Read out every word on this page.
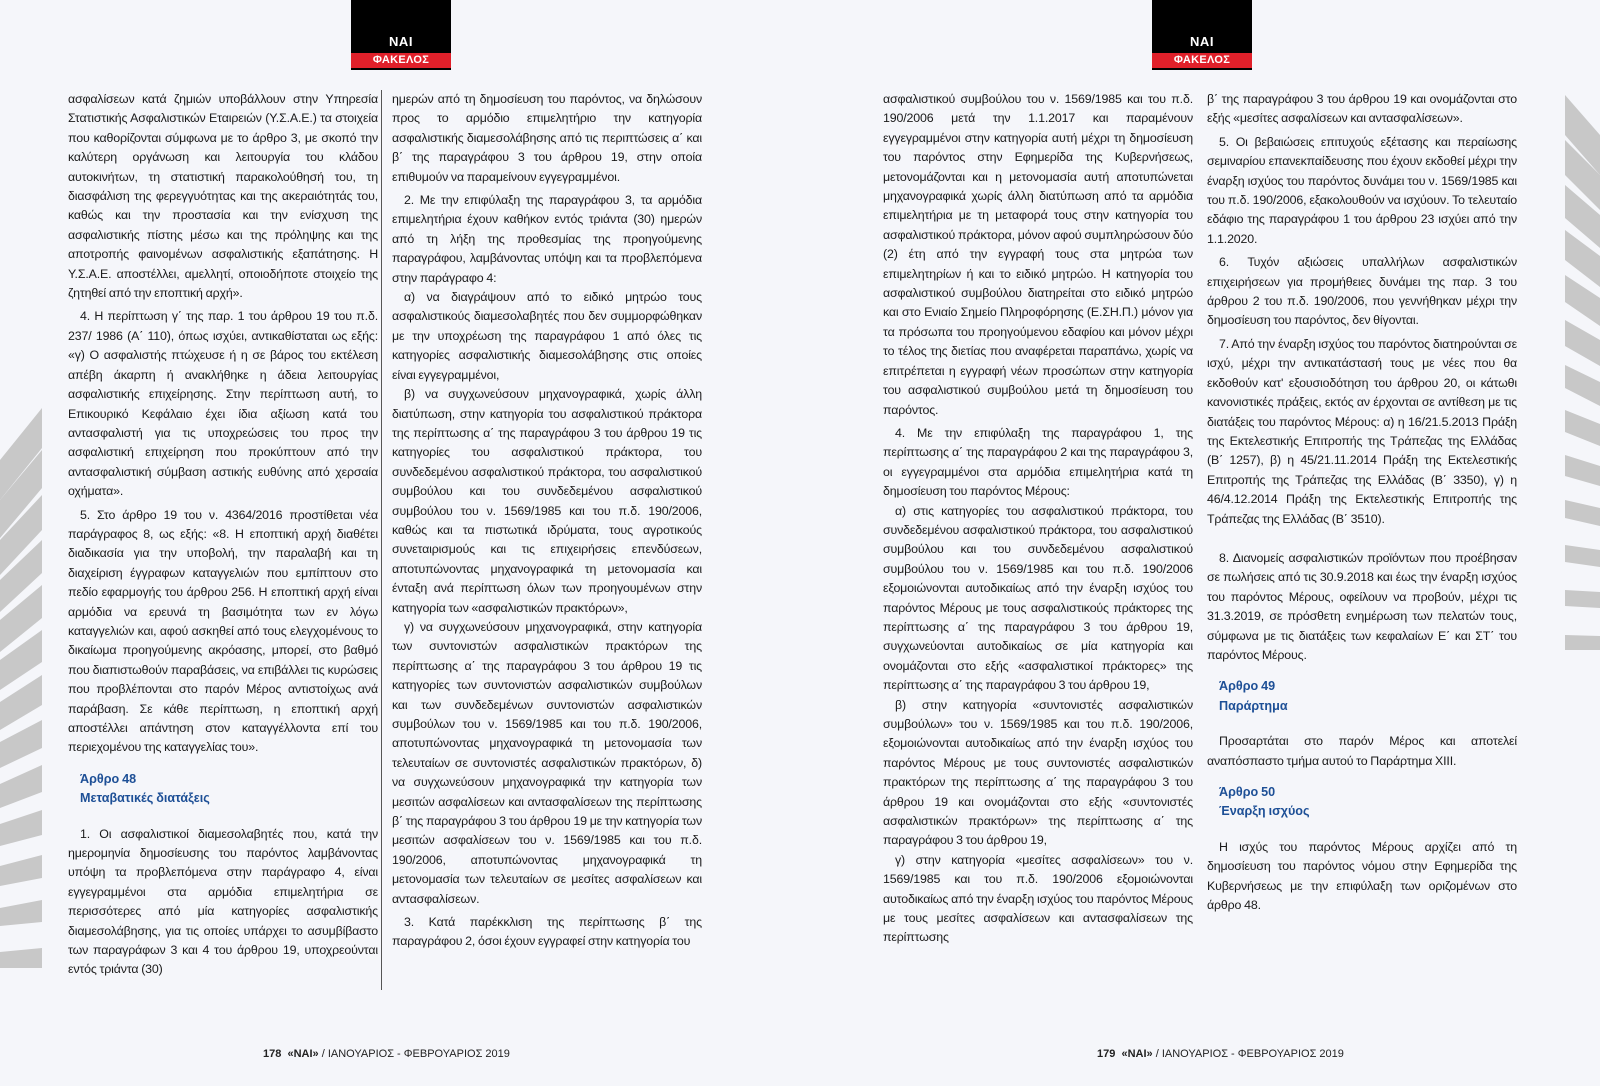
ΝΑΙ
ΦΑΚΕΛΟΣ

ασφαλίσεων κατά ζημιών υποβάλλουν στην Υπηρεσία Στατιστικής Ασφαλιστικών Εταιρειών (Υ.Σ.Α.Ε.) τα στοιχεία που καθορίζονται σύμφωνα με το άρθρο 3, με σκοπό την καλύτερη οργάνωση και λειτουργία του κλάδου αυτοκινήτων, τη στατιστική παρακολούθησή του, τη διασφάλιση της φερεγγυότητας και της ακεραιότητάς του, καθώς και την προστασία και την ενίσχυση της ασφαλιστικής πίστης μέσω και της πρόληψης και της αποτροπής φαινομένων ασφαλιστικής εξαπάτησης. Η Υ.Σ.Α.Ε. αποστέλλει, αμελλητί, οποιοδήποτε στοιχείο της ζητηθεί από την εποπτική αρχή».

4. Η περίπτωση γ΄ της παρ. 1 του άρθρου 19 του π.δ. 237/ 1986 (Α΄ 110), όπως ισχύει, αντικαθίσταται ως εξής: «γ) Ο ασφαλιστής πτώχευσε ή η σε βάρος του εκτέλεση απέβη άκαρπη ή ανακλήθηκε η άδεια λειτουργίας ασφαλιστικής επιχείρησης. Στην περίπτωση αυτή, το Επικουρικό Κεφάλαιο έχει ίδια αξίωση κατά του αντασφαλιστή για τις υποχρεώσεις του προς την ασφαλιστική επιχείρηση που προκύπτουν από την αντασφαλιστική σύμβαση αστικής ευθύνης από χερσαία οχήματα».

5. Στο άρθρο 19 του ν. 4364/2016 προστίθεται νέα παράγραφος 8, ως εξής: «8. Η εποπτική αρχή διαθέτει διαδικασία για την υποβολή, την παραλαβή και τη διαχείριση έγγραφων καταγγελιών που εμπίπτουν στο πεδίο εφαρμογής του άρθρου 256. Η εποπτική αρχή είναι αρμόδια να ερευνά τη βασιμότητα των εν λόγω καταγγελιών και, αφού ασκηθεί από τους ελεγχομένους το δικαίωμα προηγούμενης ακρόασης, μπορεί, στο βαθμό που διαπιστωθούν παραβάσεις, να επιβάλλει τις κυρώσεις που προβλέπονται στο παρόν Μέρος αντιστοίχως ανά παράβαση. Σε κάθε περίπτωση, η εποπτική αρχή αποστέλλει απάντηση στον καταγγέλλοντα επί του περιεχομένου της καταγγελίας του».

Άρθρο 48
Μεταβατικές διατάξεις

1. Οι ασφαλιστικοί διαμεσολαβητές που, κατά την ημερομηνία δημοσίευσης του παρόντος λαμβάνοντας υπόψη τα προβλεπόμενα στην παράγραφο 4, είναι εγγεγραμμένοι στα αρμόδια επιμελητήρια σε περισσότερες από μία κατηγορίες ασφαλιστικής διαμεσολάβησης, για τις οποίες υπάρχει το ασυμβίβαστο των παραγράφων 3 και 4 του άρθρου 19, υποχρεούνται εντός τριάντα (30)

ημερών από τη δημοσίευση του παρόντος, να δηλώσουν προς το αρμόδιο επιμελητήριο την κατηγορία ασφαλιστικής διαμεσολάβησης από τις περιπτώσεις α΄ και β΄ της παραγράφου 3 του άρθρου 19, στην οποία επιθυμούν να παραμείνουν εγγεγραμμένοι.

2. Με την επιφύλαξη της παραγράφου 3, τα αρμόδια επιμελητήρια έχουν καθήκον εντός τριάντα (30) ημερών από τη λήξη της προθεσμίας της προηγούμενης παραγράφου, λαμβάνοντας υπόψη και τα προβλεπόμενα στην παράγραφο 4:

α) να διαγράψουν από το ειδικό μητρώο τους ασφαλιστικούς διαμεσολαβητές που δεν συμμορφώθηκαν με την υποχρέωση της παραγράφου 1 από όλες τις κατηγορίες ασφαλιστικής διαμεσολάβησης στις οποίες είναι εγγεγραμμένοι,

β) να συγχωνεύσουν μηχανογραφικά, χωρίς άλλη διατύπωση, στην κατηγορία του ασφαλιστικού πράκτορα της περίπτωσης α΄ της παραγράφου 3 του άρθρου 19 τις κατηγορίες του ασφαλιστικού πράκτορα, του συνδεδεμένου ασφαλιστικού πράκτορα, του ασφαλιστικού συμβούλου και του συνδεδεμένου ασφαλιστικού συμβούλου του ν. 1569/1985 και του π.δ. 190/2006, καθώς και τα πιστωτικά ιδρύματα, τους αγροτικούς συνεταιρισμούς και τις επιχειρήσεις επενδύσεων, αποτυπώνοντας μηχανογραφικά τη μετονομασία και ένταξη ανά περίπτωση όλων των προηγουμένων στην κατηγορία των «ασφαλιστικών πρακτόρων»,

γ) να συγχωνεύσουν μηχανογραφικά, στην κατηγορία των συντονιστών ασφαλιστικών πρακτόρων της περίπτωσης α΄ της παραγράφου 3 του άρθρου 19 τις κατηγορίες των συντονιστών ασφαλιστικών συμβούλων και των συνδεδεμένων συντονιστών ασφαλιστικών συμβούλων του ν. 1569/1985 και του π.δ. 190/2006, αποτυπώνοντας μηχανογραφικά τη μετονομασία των τελευταίων σε συντονιστές ασφαλιστικών πρακτόρων, δ) να συγχωνεύσουν μηχανογραφικά την κατηγορία των μεσιτών ασφαλίσεων και αντασφαλίσεων της περίπτωσης β΄ της παραγράφου 3 του άρθρου 19 με την κατηγορία των μεσιτών ασφαλίσεων του ν. 1569/1985 και του π.δ. 190/2006, αποτυπώνοντας μηχανογραφικά τη μετονομασία των τελευταίων σε μεσίτες ασφαλίσεων και αντασφαλίσεων.

3. Κατά παρέκκλιση της περίπτωσης β΄ της παραγράφου 2, όσοι έχουν εγγραφεί στην κατηγορία του

178 «ΝΑΙ» / ΙΑΝΟΥΑΡΙΟΣ - ΦΕΒΡΟΥΑΡΙΟΣ 2019
ΝΑΙ
ΦΑΚΕΛΟΣ

ασφαλιστικού συμβούλου του ν. 1569/1985 και του π.δ. 190/2006 μετά την 1.1.2017 και παραμένουν εγγεγραμμένοι στην κατηγορία αυτή μέχρι τη δημοσίευση του παρόντος στην Εφημερίδα της Κυβερνήσεως, μετονομάζονται και η μετονομασία αυτή αποτυπώνεται μηχανογραφικά χωρίς άλλη διατύπωση από τα αρμόδια επιμελητήρια με τη μεταφορά τους στην κατηγορία του ασφαλιστικού πράκτορα, μόνον αφού συμπληρώσουν δύο (2) έτη από την εγγραφή τους στα μητρώα των επιμελητηρίων ή και το ειδικό μητρώο. Η κατηγορία του ασφαλιστικού συμβούλου διατηρείται στο ειδικό μητρώο και στο Ενιαίο Σημείο Πληροφόρησης (Ε.ΣΗ.Π.) μόνον για τα πρόσωπα του προηγούμενου εδαφίου και μόνον μέχρι το τέλος της διετίας που αναφέρεται παραπάνω, χωρίς να επιτρέπεται η εγγραφή νέων προσώπων στην κατηγορία του ασφαλιστικού συμβούλου μετά τη δημοσίευση του παρόντος.

4. Με την επιφύλαξη της παραγράφου 1, της περίπτωσης α΄ της παραγράφου 2 και της παραγράφου 3, οι εγγεγραμμένοι στα αρμόδια επιμελητήρια κατά τη δημοσίευση του παρόντος Μέρους:

α) στις κατηγορίες του ασφαλιστικού πράκτορα, του συνδεδεμένου ασφαλιστικού πράκτορα, του ασφαλιστικού συμβούλου και του συνδεδεμένου ασφαλιστικού συμβούλου του ν. 1569/1985 και του π.δ. 190/2006 εξομοιώνονται αυτοδικαίως από την έναρξη ισχύος του παρόντος Μέρους με τους ασφαλιστικούς πράκτορες της περίπτωσης α΄ της παραγράφου 3 του άρθρου 19, συγχωνεύονται αυτοδικαίως σε μία κατηγορία και ονομάζονται στο εξής «ασφαλιστικοί πράκτορες» της περίπτωσης α΄ της παραγράφου 3 του άρθρου 19,

β) στην κατηγορία «συντονιστές ασφαλιστικών συμβούλων» του ν. 1569/1985 και του π.δ. 190/2006, εξομοιώνονται αυτοδικαίως από την έναρξη ισχύος του παρόντος Μέρους με τους συντονιστές ασφαλιστικών πρακτόρων της περίπτωσης α΄ της παραγράφου 3 του άρθρου 19 και ονομάζονται στο εξής «συντονιστές ασφαλιστικών πρακτόρων» της περίπτωσης α΄ της παραγράφου 3 του άρθρου 19,

γ) στην κατηγορία «μεσίτες ασφαλίσεων» του ν. 1569/1985 και του π.δ. 190/2006 εξομοιώνονται αυτοδικαίως από την έναρξη ισχύος του παρόντος Μέρους με τους μεσίτες ασφαλίσεων και αντασφαλίσεων της περίπτωσης

β΄ της παραγράφου 3 του άρθρου 19 και ονομάζονται στο εξής «μεσίτες ασφαλίσεων και αντασφαλίσεων».

5. Οι βεβαιώσεις επιτυχούς εξέτασης και περαίωσης σεμιναρίου επανεκπαίδευσης που έχουν εκδοθεί μέχρι την έναρξη ισχύος του παρόντος δυνάμει του ν. 1569/1985 και του π.δ. 190/2006, εξακολουθούν να ισχύουν. Το τελευταίο εδάφιο της παραγράφου 1 του άρθρου 23 ισχύει από την 1.1.2020.

6. Τυχόν αξιώσεις υπαλλήλων ασφαλιστικών επιχειρήσεων για προμήθειες δυνάμει της παρ. 3 του άρθρου 2 του π.δ. 190/2006, που γεννήθηκαν μέχρι την δημοσίευση του παρόντος, δεν θίγονται.

7. Από την έναρξη ισχύος του παρόντος διατηρούνται σε ισχύ, μέχρι την αντικατάστασή τους με νέες που θα εκδοθούν κατ' εξουσιοδότηση του άρθρου 20, οι κάτωθι κανονιστικές πράξεις, εκτός αν έρχονται σε αντίθεση με τις διατάξεις του παρόντος Μέρους: α) η 16/21.5.2013 Πράξη της Εκτελεστικής Επιτροπής της Τράπεζας της Ελλάδας (Β΄ 1257), β) η 45/21.11.2014 Πράξη της Εκτελεστικής Επιτροπής της Τράπεζας της Ελλάδας (Β΄ 3350), γ) η 46/4.12.2014 Πράξη της Εκτελεστικής Επιτροπής της Τράπεζας της Ελλάδας (Β΄ 3510).

8. Διανομείς ασφαλιστικών προϊόντων που προέβησαν σε πωλήσεις από τις 30.9.2018 και έως την έναρξη ισχύος του παρόντος Μέρους, οφείλουν να προβούν, μέχρι τις 31.3.2019, σε πρόσθετη ενημέρωση των πελατών τους, σύμφωνα με τις διατάξεις των κεφαλαίων Ε΄ και ΣΤ΄ του παρόντος Μέρους.

Άρθρο 49
Παράρτημα

Προσαρτάται στο παρόν Μέρος και αποτελεί αναπόσπαστο τμήμα αυτού το Παράρτημα XIII.

Άρθρο 50
Έναρξη ισχύος

Η ισχύς του παρόντος Μέρους αρχίζει από τη δημοσίευση του παρόντος νόμου στην Εφημερίδα της Κυβερνήσεως με την επιφύλαξη των οριζομένων στο άρθρο 48.

179 «ΝΑΙ» / ΙΑΝΟΥΑΡΙΟΣ - ΦΕΒΡΟΥΑΡΙΟΣ 2019
